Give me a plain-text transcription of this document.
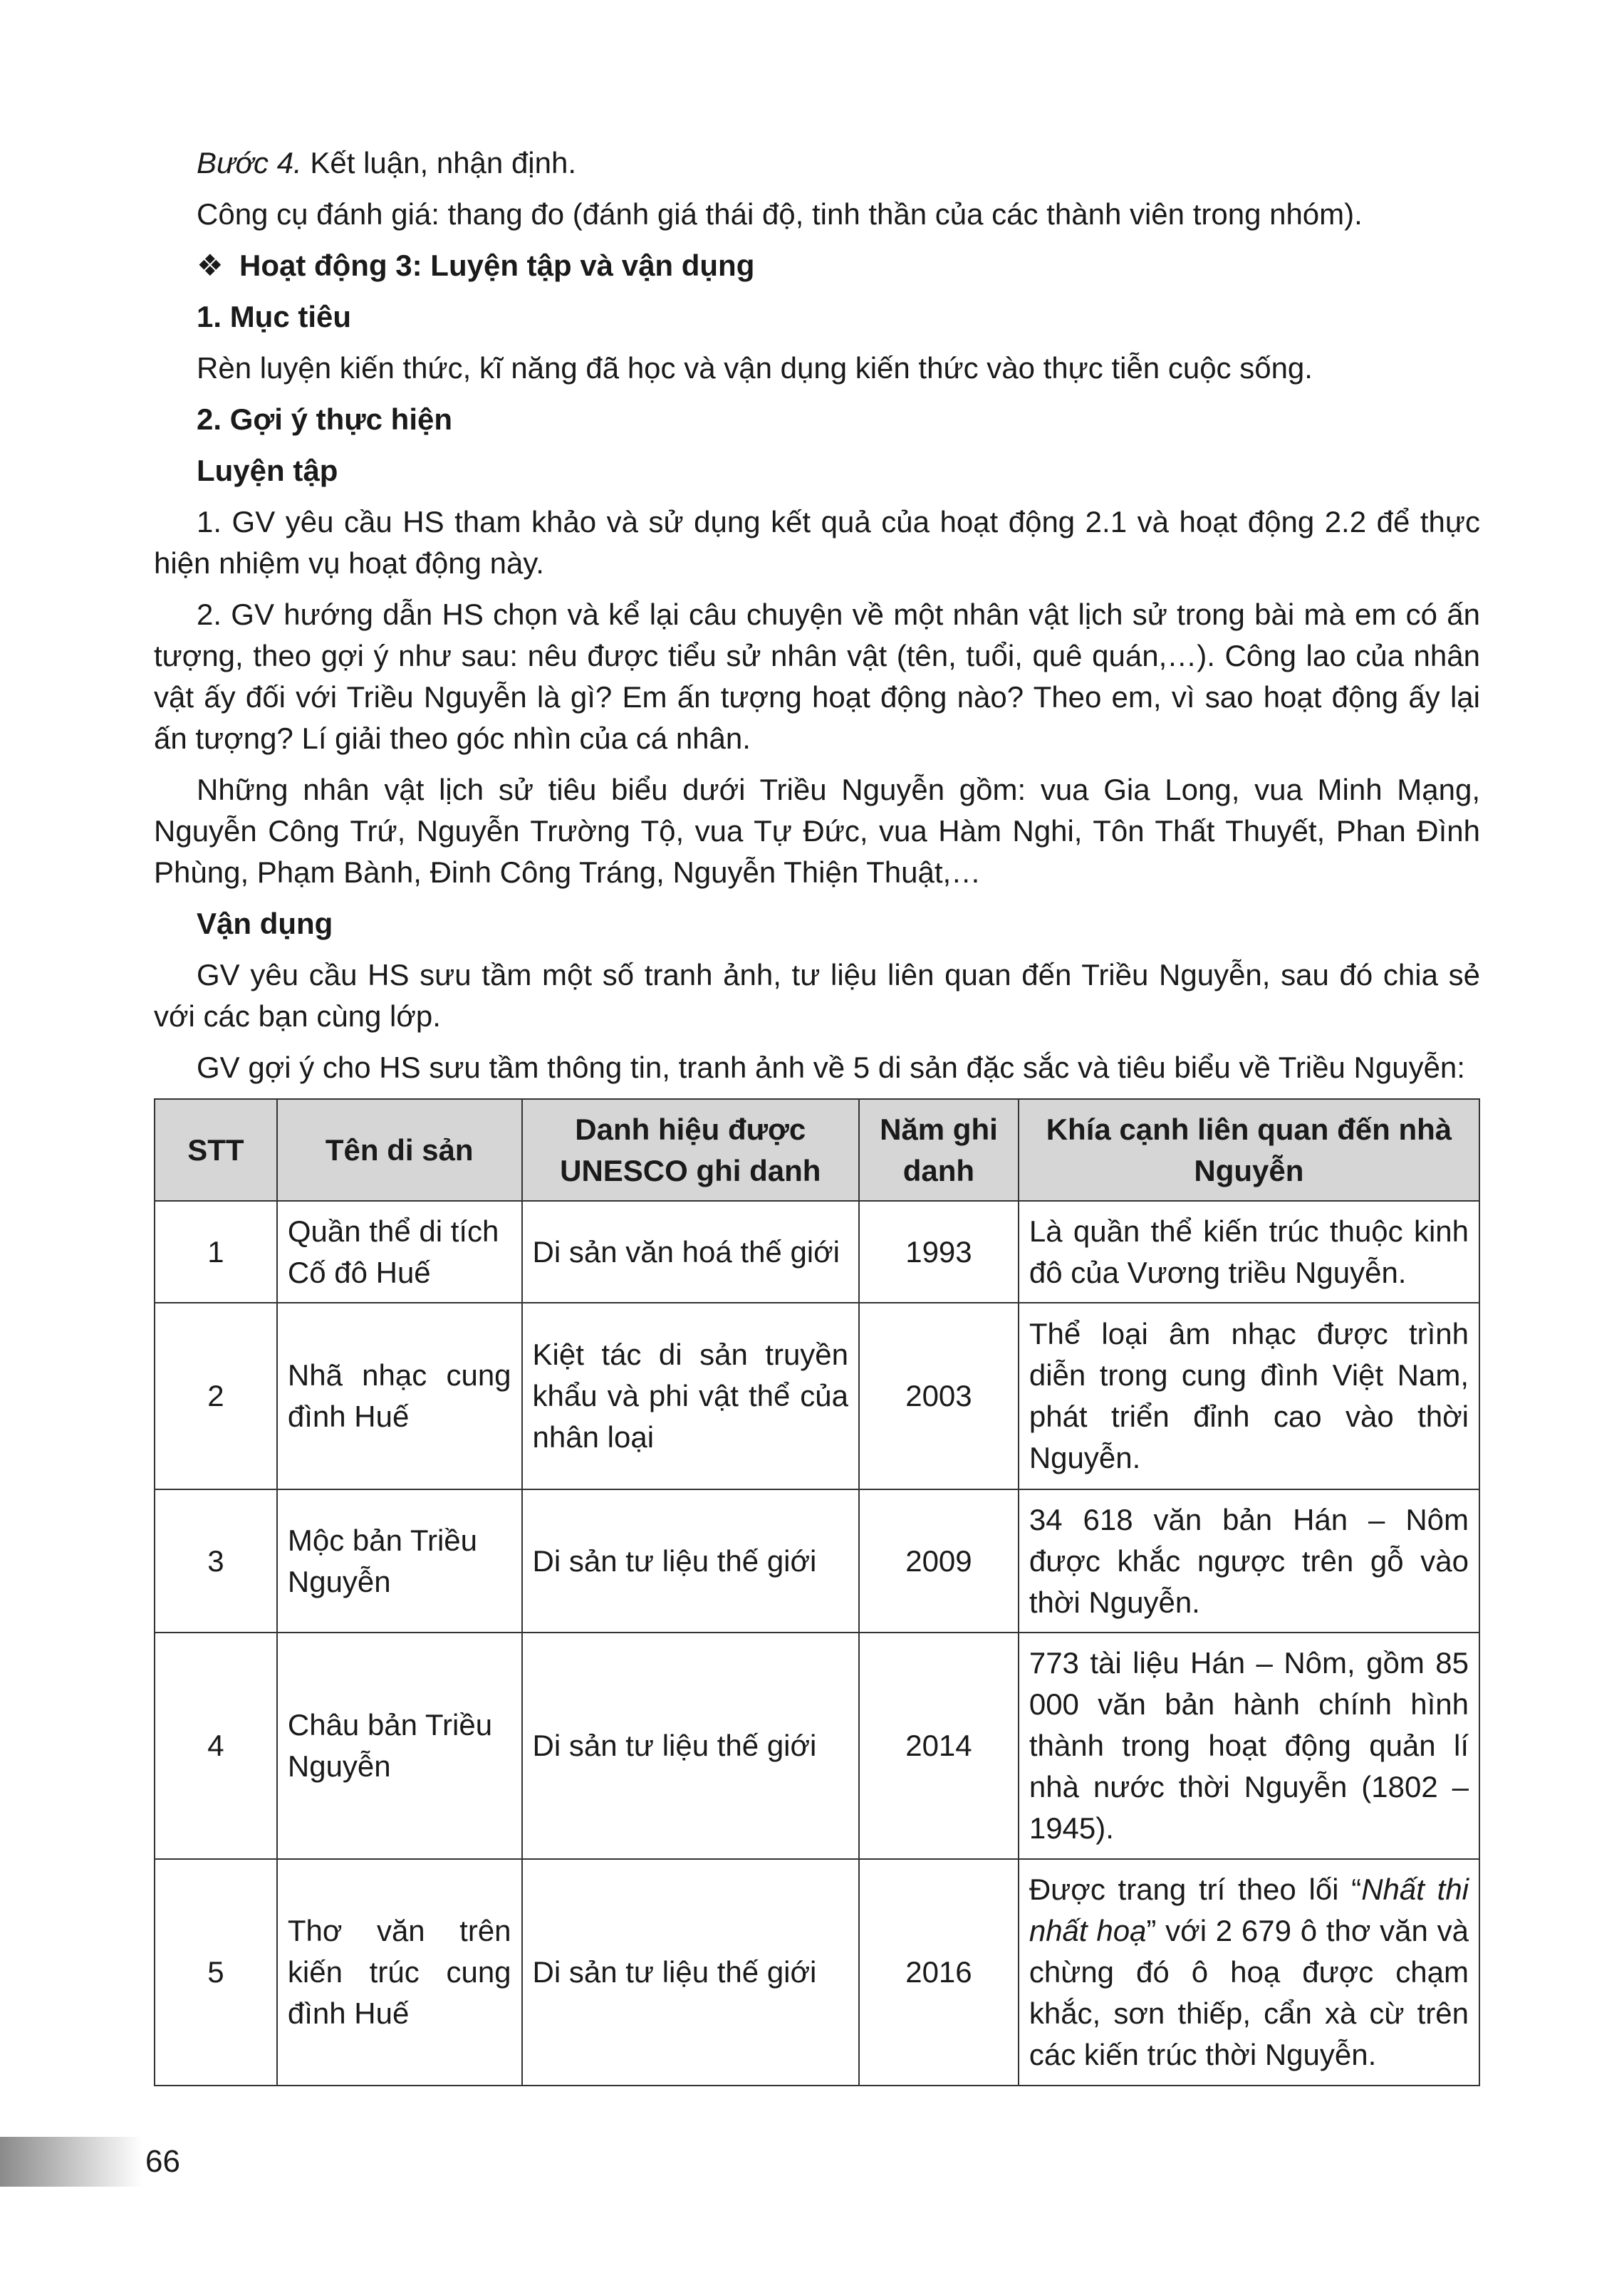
Bước 4. Kết luận, nhận định.

Công cụ đánh giá: thang đo (đánh giá thái độ, tinh thần của các thành viên trong nhóm).

❖ Hoạt động 3: Luyện tập và vận dụng

1. Mục tiêu

Rèn luyện kiến thức, kĩ năng đã học và vận dụng kiến thức vào thực tiễn cuộc sống.

2. Gợi ý thực hiện

Luyện tập

1. GV yêu cầu HS tham khảo và sử dụng kết quả của hoạt động 2.1 và hoạt động 2.2 để thực hiện nhiệm vụ hoạt động này.

2. GV hướng dẫn HS chọn và kể lại câu chuyện về một nhân vật lịch sử trong bài mà em có ấn tượng, theo gợi ý như sau: nêu được tiểu sử nhân vật (tên, tuổi, quê quán,…). Công lao của nhân vật ấy đối với Triều Nguyễn là gì? Em ấn tượng hoạt động nào? Theo em, vì sao hoạt động ấy lại ấn tượng? Lí giải theo góc nhìn của cá nhân.

Những nhân vật lịch sử tiêu biểu dưới Triều Nguyễn gồm: vua Gia Long, vua Minh Mạng, Nguyễn Công Trứ, Nguyễn Trường Tộ, vua Tự Đức, vua Hàm Nghi, Tôn Thất Thuyết, Phan Đình Phùng, Phạm Bành, Đinh Công Tráng, Nguyễn Thiện Thuật,…

Vận dụng

GV yêu cầu HS sưu tầm một số tranh ảnh, tư liệu liên quan đến Triều Nguyễn, sau đó chia sẻ với các bạn cùng lớp.

GV gợi ý cho HS sưu tầm thông tin, tranh ảnh về 5 di sản đặc sắc và tiêu biểu về Triều Nguyễn:

STT	Tên di sản	Danh hiệu được UNESCO ghi danh	Năm ghi danh	Khía cạnh liên quan đến nhà Nguyễn
1	Quần thể di tích Cố đô Huế	Di sản văn hoá thế giới	1993	Là quần thể kiến trúc thuộc kinh đô của Vương triều Nguyễn.
2	Nhã nhạc cung đình Huế	Kiệt tác di sản truyền khẩu và phi vật thể của nhân loại	2003	Thể loại âm nhạc được trình diễn trong cung đình Việt Nam, phát triển đỉnh cao vào thời Nguyễn.
3	Mộc bản Triều Nguyễn	Di sản tư liệu thế giới	2009	34 618 văn bản Hán – Nôm được khắc ngược trên gỗ vào thời Nguyễn.
4	Châu bản Triều Nguyễn	Di sản tư liệu thế giới	2014	773 tài liệu Hán – Nôm, gồm 85 000 văn bản hành chính hình thành trong hoạt động quản lí nhà nước thời Nguyễn (1802 – 1945).
5	Thơ văn trên kiến trúc cung đình Huế	Di sản tư liệu thế giới	2016	Được trang trí theo lối “Nhất thi nhất hoạ” với 2 679 ô thơ văn và chừng đó ô hoạ được chạm khắc, sơn thiếp, cẩn xà cừ trên các kiến trúc thời Nguyễn.
66
